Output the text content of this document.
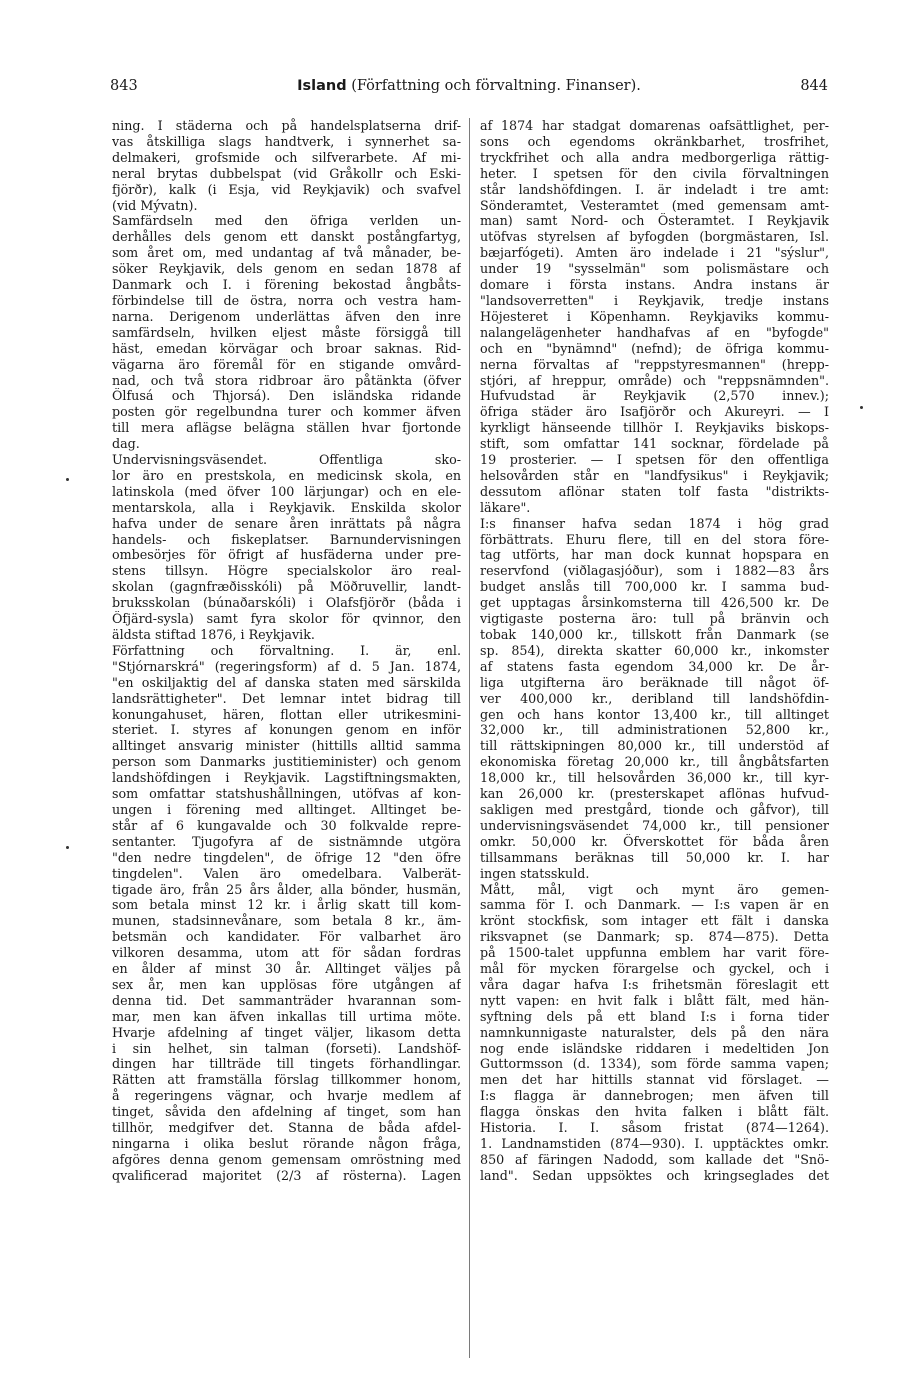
843	Island (Författning och förvaltning. Finanser).	844
ning. I städerna och på handelsplatserna drif-
vas åtskilliga slags handtverk, i synnerhet sa-
delmakeri, grofsmide och silfverarbete. Af mi-
neral brytas dubbelspat (vid Gråkollr och Eski-
fjörðr), kalk (i Esja, vid Reykjavik) och svafvel
(vid Mývatn).
Samfärdseln med den öfriga verlden un-
derhålles dels genom ett danskt postångfartyg,
som året om, med undantag af två månader, be-
söker Reykjavik, dels genom en sedan 1878 af
Danmark och I. i förening bekostad ångbåts-
förbindelse till de östra, norra och vestra ham-
narna. Derigenom underlättas äfven den inre
samfärdseln, hvilken eljest måste försiggå till
häst, emedan körvägar och broar saknas. Rid-
vägarna äro föremål för en stigande omvård-
nad, och två stora ridbroar äro påtänkta (öfver
Ölfusá och Thjorsá). Den isländska ridande
posten gör regelbundna turer och kommer äfven
till mera aflägse belägna ställen hvar fjortonde
dag.
Undervisningsväsendet. Offentliga sko-
lor äro en prestskola, en medicinsk skola, en
latinskola (med öfver 100 lärjungar) och en ele-
mentarskola, alla i Reykjavik. Enskilda skolor
hafva under de senare åren inrättats på några
handels- och fiskeplatser. Barnundervisningen
ombesörjes för öfrigt af husfäderna under pre-
stens tillsyn. Högre specialskolor äro real-
skolan (gagnfræðisskóli) på Möðruvellir, landt-
bruksskolan (búnaðarskóli) i Olafsfjörðr (båda i
Öfjärd-sysla) samt fyra skolor för qvinnor, den
äldsta stiftad 1876, i Reykjavik.
Författning och förvaltning. I. är, enl.
"Stjórnarskrá" (regeringsform) af d. 5 Jan. 1874,
"en oskiljaktig del af danska staten med särskilda
landsrättigheter". Det lemnar intet bidrag till
konungahuset, hären, flottan eller utrikesmini-
steriet. I. styres af konungen genom en inför
alltinget ansvarig minister (hittills alltid samma
person som Danmarks justitieminister) och genom
landshöfdingen i Reykjavik. Lagstiftningsmakten,
som omfattar statshushållningen, utöfvas af kon-
ungen i förening med alltinget. Alltinget be-
står af 6 kungavalde och 30 folkvalde repre-
sentanter. Tjugofyra af de sistnämnde utgöra
"den nedre tingdelen", de öfrige 12 "den öfre
tingdelen". Valen äro omedelbara. Valberät-
tigade äro, från 25 års ålder, alla bönder, husmän,
som betala minst 12 kr. i årlig skatt till kom-
munen, stadsinnevånare, som betala 8 kr., äm-
betsmän och kandidater. För valbarhet äro
vilkoren desamma, utom att för sådan fordras
en ålder af minst 30 år. Alltinget väljes på
sex år, men kan upplösas före utgången af
denna tid. Det sammanträder hvarannan som-
mar, men kan äfven inkallas till urtima möte.
Hvarje afdelning af tinget väljer, likasom detta
i sin helhet, sin talman (forseti). Landshöf-
dingen har tillträde till tingets förhandlingar.
Rätten att framställa förslag tillkommer honom,
å regeringens vägnar, och hvarje medlem af
tinget, såvida den afdelning af tinget, som han
tillhör, medgifver det. Stanna de båda afdel-
ningarna i olika beslut rörande någon fråga,
afgöres denna genom gemensam omröstning med
qvalificerad majoritet (2/3 af rösterna). Lagen
af 1874 har stadgat domarenas oafsättlighet, per-
sons och egendoms okränkbarhet, trosfrihet,
tryckfrihet och alla andra medborgerliga rättig-
heter. I spetsen för den civila förvaltningen
står landshöfdingen. I. är indeladt i tre amt:
Sönderamtet, Vesteramtet (med gemensam amt-
man) samt Nord- och Österamtet. I Reykjavik
utöfvas styrelsen af byfogden (borgmästaren, Isl.
bæjarfógeti). Amten äro indelade i 21 "sýslur",
under 19 "sysselmän" som polismästare och
domare i första instans. Andra instans är
"landsoverretten" i Reykjavik, tredje instans
Höjesteret i Köpenhamn. Reykjaviks kommu-
nalangelägenheter handhafvas af en "byfogde"
och en "bynämnd" (nefnd); de öfriga kommu-
nerna förvaltas af "reppstyresmannen" (hrepp-
stjóri, af hreppur, område) och "reppsnämnden".
Hufvudstad är Reykjavik (2,570 innev.);
öfriga städer äro Isafjörðr och Akureyri. — I
kyrkligt hänseende tillhör I. Reykjaviks biskops-
stift, som omfattar 141 socknar, fördelade på
19 prosterier. — I spetsen för den offentliga
helsovården står en "landfysikus" i Reykjavik;
dessutom aflönar staten tolf fasta "distrikts-
läkare".
I:s finanser hafva sedan 1874 i hög grad
förbättrats. Ehuru flere, till en del stora före-
tag utförts, har man dock kunnat hopspara en
reservfond (viðlagasjóður), som i 1882—83 års
budget anslås till 700,000 kr. I samma bud-
get upptagas årsinkomsterna till 426,500 kr. De
vigtigaste posterna äro: tull på bränvin och
tobak 140,000 kr., tillskott från Danmark (se
sp. 854), direkta skatter 60,000 kr., inkomster
af statens fasta egendom 34,000 kr. De år-
liga utgifterna äro beräknade till något öf-
ver 400,000 kr., deribland till landshöfdin-
gen och hans kontor 13,400 kr., till alltinget
32,000 kr., till administrationen 52,800 kr.,
till rättskipningen 80,000 kr., till understöd af
ekonomiska företag 20,000 kr., till ångbåtsfarten
18,000 kr., till helsovården 36,000 kr., till kyr-
kan 26,000 kr. (presterskapet aflönas hufvud-
sakligen med prestgård, tionde och gåfvor), till
undervisningsväsendet 74,000 kr., till pensioner
omkr. 50,000 kr. Öfverskottet för båda åren
tillsammans beräknas till 50,000 kr. I. har
ingen statsskuld.
Mått, mål, vigt och mynt äro gemen-
samma för I. och Danmark. — I:s vapen är en
krönt stockfisk, som intager ett fält i danska
riksvapnet (se Danmark; sp. 874—875). Detta
på 1500-talet uppfunna emblem har varit före-
mål för mycken förargelse och gyckel, och i
våra dagar hafva I:s frihetsmän föreslagit ett
nytt vapen: en hvit falk i blått fält, med hän-
syftning dels på ett bland I:s i forna tider
namnkunnigaste naturalster, dels på den nära
nog ende isländske riddaren i medeltiden Jon
Guttormsson (d. 1334), som förde samma vapen;
men det har hittills stannat vid förslaget. —
I:s flagga är dannebrogen; men äfven till
flagga önskas den hvita falken i blått fält.
Historia. I. I. såsom fristat (874—1264).
1. Landnamstiden (874—930). I. upptäcktes omkr.
850 af färingen Nadodd, som kallade det "Snö-
land". Sedan uppsöktes och kringseglades det
